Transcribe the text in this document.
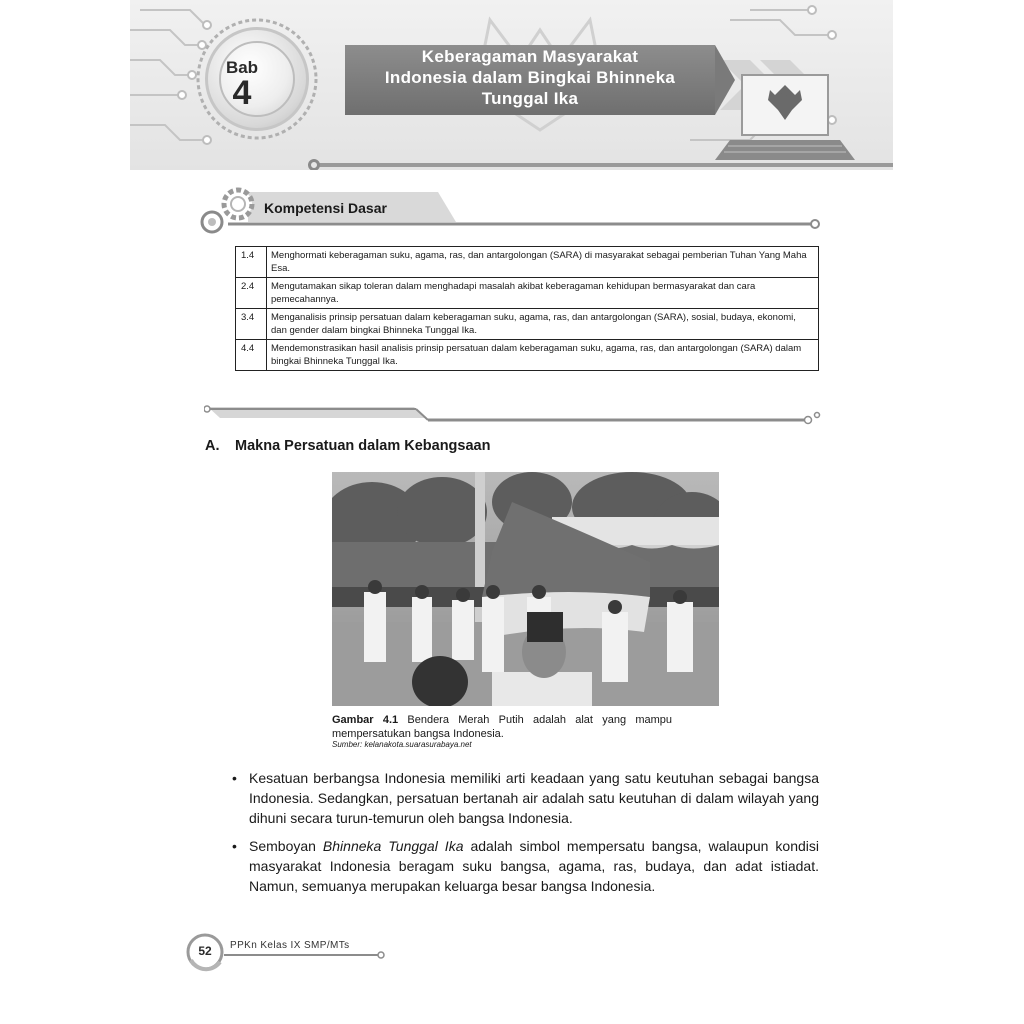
Bab
4
Keberagaman Masyarakat
Indonesia dalam Bingkai Bhinneka
Tunggal Ika
Kompetensi Dasar
1.4	Menghormati keberagaman suku, agama, ras, dan antargolongan (SARA) di masyarakat sebagai pemberian Tuhan Yang Maha Esa.
2.4	Mengutamakan sikap toleran dalam menghadapi masalah akibat keberagaman kehidupan bermasyarakat dan cara pemecahannya.
3.4	Menganalisis prinsip persatuan dalam keberagaman suku, agama, ras, dan antargolongan (SARA), sosial, budaya, ekonomi, dan gender dalam bingkai Bhinneka Tunggal Ika.
4.4	Mendemonstrasikan hasil analisis prinsip persatuan dalam keberagaman suku, agama, ras, dan antargolongan (SARA) dalam bingkai Bhinneka Tunggal Ika.
A. Makna Persatuan dalam Kebangsaan
Gambar 4.1 Bendera Merah Putih adalah alat yang mampu mempersatukan bangsa Indonesia.
Sumber: kelanakota.suarasurabaya.net
• Kesatuan berbangsa Indonesia memiliki arti keadaan yang satu keutuhan sebagai bangsa Indonesia. Sedangkan, persatuan bertanah air adalah satu keutuhan di dalam wilayah yang dihuni secara turun-temurun oleh bangsa Indonesia.
• Semboyan Bhinneka Tunggal Ika adalah simbol mempersatu bangsa, walaupun kondisi masyarakat Indonesia beragam suku bangsa, agama, ras, budaya, dan adat istiadat. Namun, semuanya merupakan keluarga besar bangsa Indonesia.
52	PPKn Kelas IX SMP/MTs
